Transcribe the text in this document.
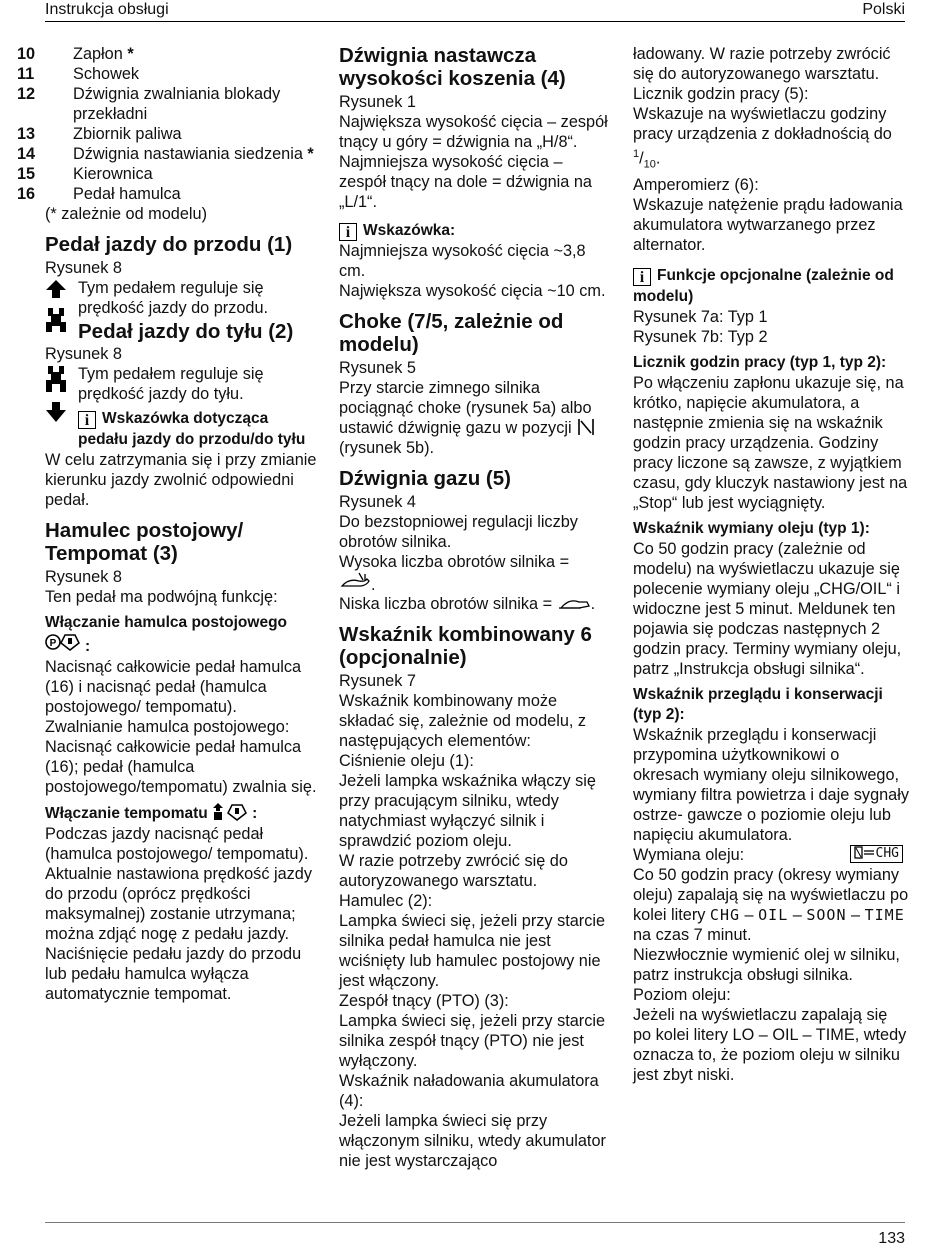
Instrukcja obsługi	Polski

10 Zapłon *

11 Schowek

12 Dźwignia zwalniania blokady przekładni

13 Zbiornik paliwa

14 Dźwignia nastawiania siedzenia *

15 Kierownica

16 Pedał hamulca

(* zależnie od modelu)

Pedał jazdy do przodu (1)

Rysunek 8

Tym pedałem reguluje się prędkość jazdy do przodu.

Pedał jazdy do tyłu (2)

Rysunek 8

Tym pedałem reguluje się prędkość jazdy do tyłu.

i Wskazówka dotycząca pedału jazdy do przodu/do tyłu

W celu zatrzymania się i przy zmianie kierunku jazdy zwolnić odpowiedni pedał.

Hamulec postojowy/ Tempomat (3)

Rysunek 8

Ten pedał ma podwójną funkcję:

Włączanie hamulca postojowego

P :

Nacisnąć całkowicie pedał hamulca (16) i nacisnąć pedał (hamulca postojowego/ tempomatu).

Zwalnianie hamulca postojowego:

Nacisnąć całkowicie pedał hamulca (16); pedał (hamulca postojowego/tempomatu) zwalnia się.

Włączanie tempomatu	:

Podczas jazdy nacisnąć pedał (hamulca postojowego/ tempomatu).

Aktualnie nastawiona prędkość jazdy do przodu (oprócz prędkości maksymalnej) zostanie utrzymana; można zdjąć nogę z pedału jazdy.

Naciśnięcie pedału jazdy do przodu lub pedału hamulca wyłącza automatycznie tempomat.

Dźwignia nastawcza wysokości koszenia (4)

Rysunek 1

Największa wysokość cięcia – zespół tnący u góry = dźwignia na „H/8“.

Najmniejsza wysokość cięcia – zespół tnący na dole = dźwignia na „L/1“.

i Wskazówka:

Najmniejsza wysokość cięcia ~3,8 cm.

Największa wysokość cięcia ~10 cm.

Choke (7/5, zależnie od modelu)

Rysunek 5

Przy starcie zimnego silnika pociągnąć choke (rysunek 5a) albo ustawić dźwignię gazu w pozycji  (rysunek 5b).

Dźwignia gazu (5)

Rysunek 4

Do bezstopniowej regulacji liczby obrotów silnika.

Wysoka liczba obrotów silnika =

.

Niska liczba obrotów silnika = .

Wskaźnik kombinowany 6 (opcjonalnie)

Rysunek 7

Wskaźnik kombinowany może składać się, zależnie od modelu, z następujących elementów:

Ciśnienie oleju (1):

Jeżeli lampka wskaźnika włączy się przy pracującym silniku, wtedy natychmiast wyłączyć silnik i sprawdzić poziom oleju.

W razie potrzeby zwrócić się do autoryzowanego warsztatu.

Hamulec (2):

Lampka świeci się, jeżeli przy starcie silnika pedał hamulca nie jest wciśnięty lub hamulec postojowy nie jest włączony.

Zespół tnący (PTO) (3):

Lampka świeci się, jeżeli przy starcie silnika zespół tnący (PTO) nie jest wyłączony.

Wskaźnik naładowania akumulatora (4):

Jeżeli lampka świeci się przy włączonym silniku, wtedy akumulator nie jest wystarczająco

ładowany. W razie potrzeby zwrócić się do autoryzowanego warsztatu.

Licznik godzin pracy (5):

Wskazuje na wyświetlaczu godziny pracy urządzenia z dokładnością do $^1/_{10}$.

Amperomierz (6):

Wskazuje natężenie prądu ładowania akumulatora wytwarzanego przez alternator.

i Funkcje opcjonalne (zależnie od modelu)

Rysunek 7a: Typ 1

Rysunek 7b: Typ 2

Licznik godzin pracy (typ 1, typ 2):

Po włączeniu zapłonu ukazuje się, na krótko, napięcie akumulatora, a następnie zmienia się na wskaźnik godzin pracy urządzenia. Godziny pracy liczone są zawsze, z wyjątkiem czasu, gdy kluczyk nastawiony jest na „Stop“ lub jest wyciągnięty.

Wskaźnik wymiany oleju (typ 1):

Co 50 godzin pracy (zależnie od modelu) na wyświetlaczu ukazuje się polecenie wymiany oleju „CHG/OIL“ i widoczne jest 5 minut. Meldunek ten pojawia się podczas następnych 2 godzin pracy. Terminy wymiany oleju, patrz „Instrukcja obsługi silnika“.

Wskaźnik przeglądu i konserwacji (typ 2):

Wskaźnik przeglądu i konserwacji przypomina użytkownikowi o okresach wymiany oleju silnikowego, wymiany filtra powietrza i daje sygnały ostrze- gawcze o poziomie oleju lub napięciu akumulatora.

Wymiana oleju:	CHG

Co 50 godzin pracy (okresy wymiany oleju) zapalają się na wyświetlaczu po kolei litery CHG – OIL – SOON – TIME na czas 7 minut.

Niezwłocznie wymienić olej w silniku, patrz instrukcja obsługi silnika.

Poziom oleju:

Jeżeli na wyświetlaczu zapalają się po kolei litery LO – OIL – TIME, wtedy oznacza to, że poziom oleju w silniku jest zbyt niski.

133
